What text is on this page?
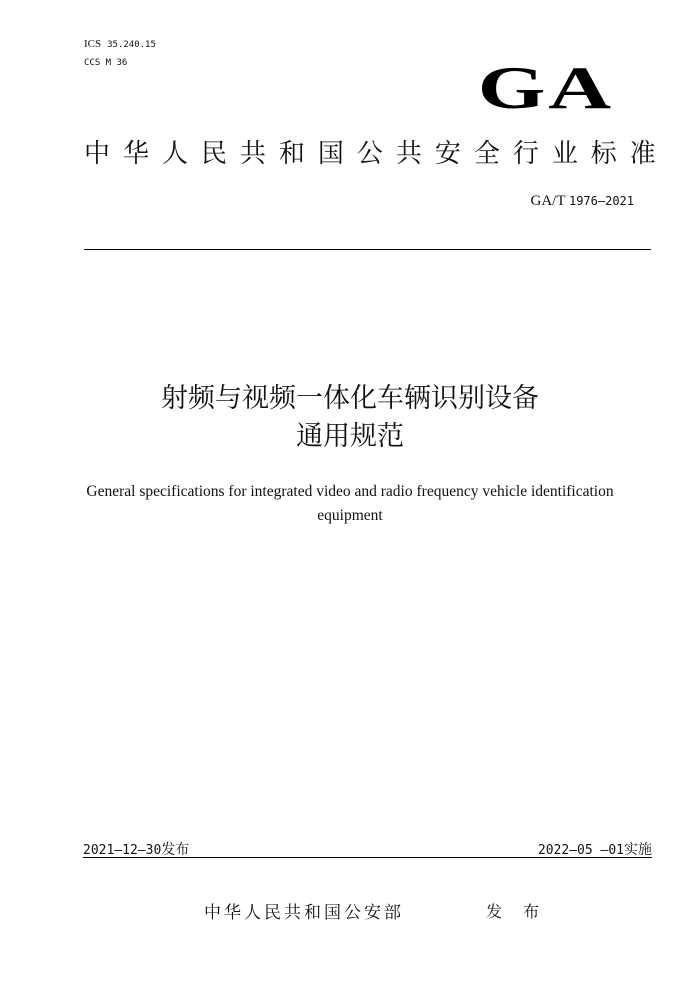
ICS 35.240.15
CCS M 36	GA
中 华 人 民 共 和 国 公 共 安 全 行 业 标 准
GA/T 1976—2021
射频与视频一体化车辆识别设备
通用规范
General specifications for integrated video and radio frequency vehicle identification
equipment
2021—12—30发布	2022—05 —01实施
中华人民共和国公安部	发 布
